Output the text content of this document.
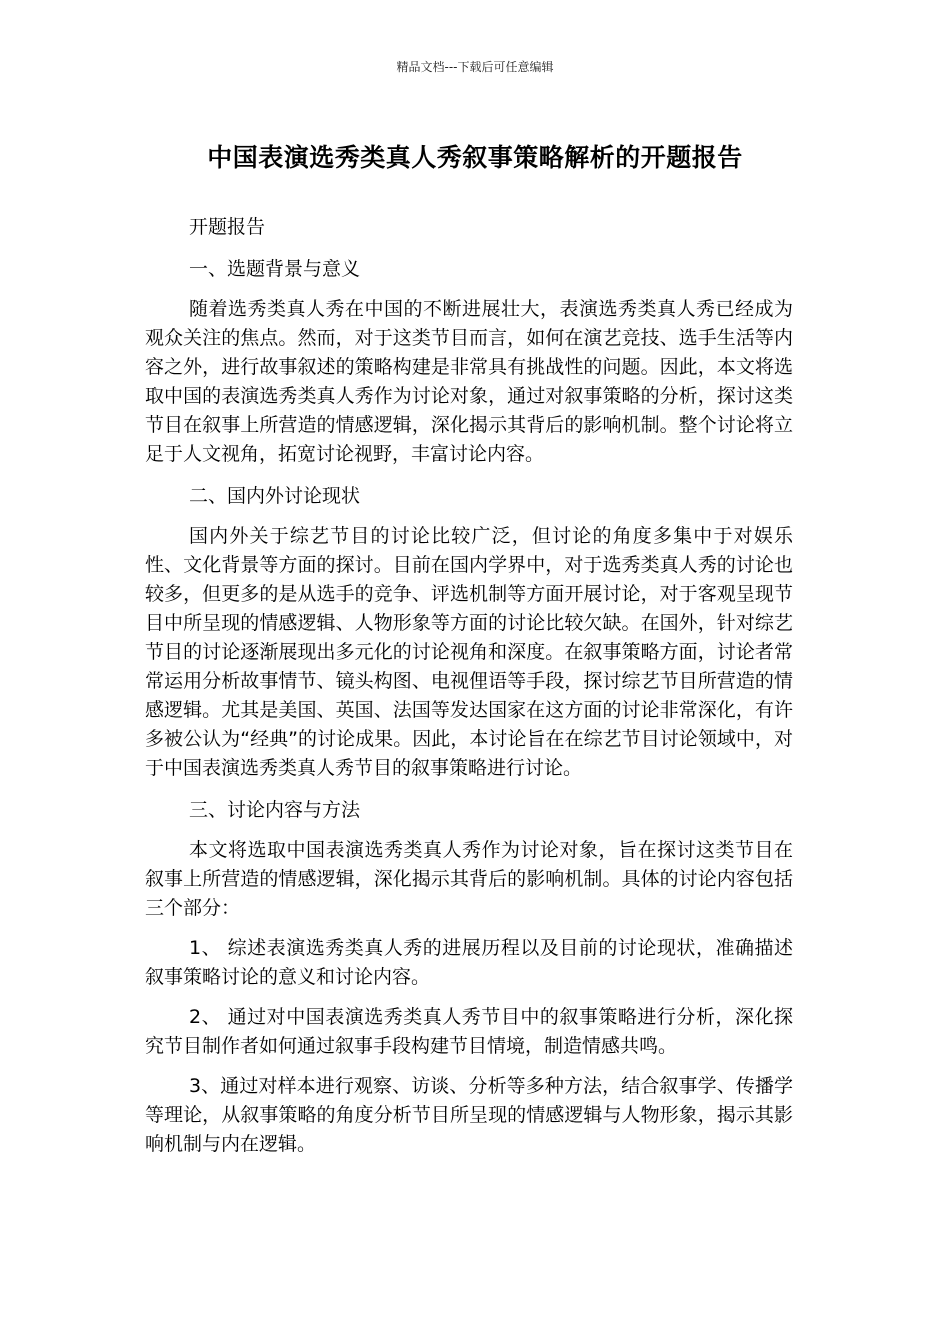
精品文档---下载后可任意编辑
中国表演选秀类真人秀叙事策略解析的开题报告

开题报告

一、选题背景与意义

随着选秀类真人秀在中国的不断进展壮大，表演选秀类真人秀已经成为观众关注的焦点。然而，对于这类节目而言，如何在演艺竞技、选手生活等内容之外，进行故事叙述的策略构建是非常具有挑战性的问题。因此，本文将选取中国的表演选秀类真人秀作为讨论对象，通过对叙事策略的分析，探讨这类节目在叙事上所营造的情感逻辑，深化揭示其背后的影响机制。整个讨论将立足于人文视角，拓宽讨论视野，丰富讨论内容。

二、国内外讨论现状

国内外关于综艺节目的讨论比较广泛，但讨论的角度多集中于对娱乐性、文化背景等方面的探讨。目前在国内学界中，对于选秀类真人秀的讨论也较多，但更多的是从选手的竞争、评选机制等方面开展讨论，对于客观呈现节目中所呈现的情感逻辑、人物形象等方面的讨论比较欠缺。在国外，针对综艺节目的讨论逐渐展现出多元化的讨论视角和深度。在叙事策略方面，讨论者常常运用分析故事情节、镜头构图、电视俚语等手段，探讨综艺节目所营造的情感逻辑。尤其是美国、英国、法国等发达国家在这方面的讨论非常深化，有许多被公认为“经典”的讨论成果。因此，本讨论旨在在综艺节目讨论领域中，对于中国表演选秀类真人秀节目的叙事策略进行讨论。

三、讨论内容与方法

本文将选取中国表演选秀类真人秀作为讨论对象，旨在探讨这类节目在叙事上所营造的情感逻辑，深化揭示其背后的影响机制。具体的讨论内容包括三个部分：

1、 综述表演选秀类真人秀的进展历程以及目前的讨论现状，准确描述叙事策略讨论的意义和讨论内容。

2、 通过对中国表演选秀类真人秀节目中的叙事策略进行分析，深化探究节目制作者如何通过叙事手段构建节目情境，制造情感共鸣。

3、通过对样本进行观察、访谈、分析等多种方法，结合叙事学、传播学等理论，从叙事策略的角度分析节目所呈现的情感逻辑与人物形象，揭示其影响机制与内在逻辑。
